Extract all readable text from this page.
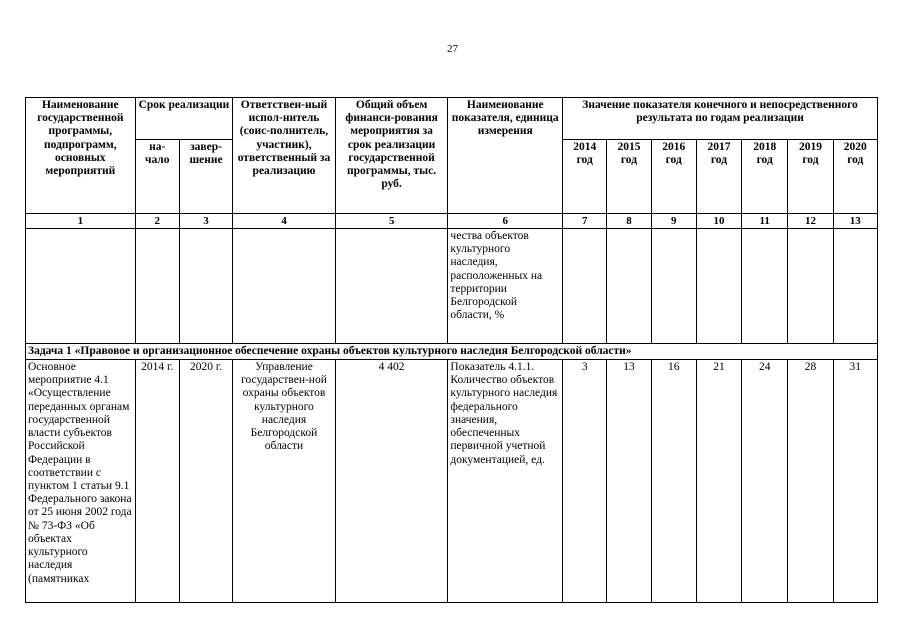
27
Наименование государственной программы, подпрограмм, основных мероприятий	Срок реализации		Ответствен-ный испол-нитель (соис-полнитель, участник), ответственный за реализацию	Общий объем финанси-рования мероприятия за срок реализации государственной программы, тыс. руб.	Наименование показателя, единица измерения	Значение показателя конечного и непосредственного результата по годам реализации						
	на-чало	завер-шение				2014 год	2015 год	2016 год	2017 год	2018 год	2019 год	2020 год
1	2	3	4	5	6	7	8	9	10	11	12	13
					чества объектов культурного наследия, расположенных на территории Белгородской области, %							
Задача 1 «Правовое и организационное обеспечение охраны объектов культурного наследия Белгородской области»												
Основное мероприятие 4.1 «Осуществление переданных органам государственной власти субъектов Российской Федерации в соответствии с пунктом 1 статьи 9.1 Федерального закона от 25 июня 2002 года № 73-ФЗ «Об объектах культурного наследия (памятниках	2014 г.	2020 г.	Управление государствен-ной охраны объектов культурного наследия Белгородской области	4 402	Показатель 4.1.1. Количество объектов культурного наследия федерального значения, обеспеченных первичной учетной документацией, ед.	3	13	16	21	24	28	31
